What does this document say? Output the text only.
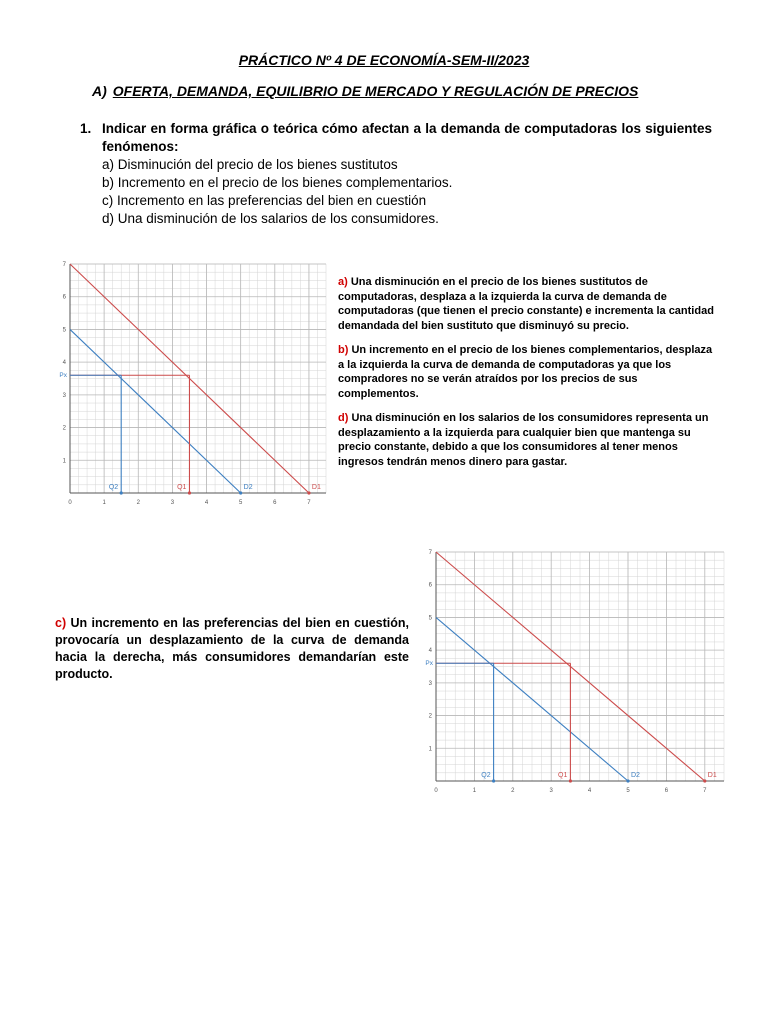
PRÁCTICO Nº 4 DE ECONOMÍA-SEM-II/2023
A) OFERTA, DEMANDA, EQUILIBRIO DE MERCADO Y REGULACIÓN DE PRECIOS
1. Indicar en forma gráfica o teórica cómo afectan a la demanda de computadoras los siguientes fenómenos:
a) Disminución del precio de los bienes sustitutos
b) Incremento en el precio de los bienes complementarios.
c) Incremento en las preferencias del bien en cuestión
d) Una disminución de los salarios de los consumidores.
0	1	2	3	4	5	6	7
1
2
3
4
5
6
7
D1
D2
Px
Q1
Q2

a) Una disminución en el precio de los bienes sustitutos de computadoras, desplaza a la izquierda la curva de demanda de computadoras (que tienen el precio constante) e incrementa la cantidad demandada del bien sustituto que disminuyó su precio.

b) Un incremento en el precio de los bienes complementarios, desplaza a la izquierda la curva de demanda de computadoras ya que los compradores no se verán atraídos por los precios de sus complementos.

d) Una disminución en los salarios de los consumidores representa un desplazamiento a la izquierda para cualquier bien que mantenga su precio constante, debido a que los consumidores al tener menos ingresos tendrán menos dinero para gastar.

c) Un incremento en las preferencias del bien en cuestión, provocaría un desplazamiento de la curva de demanda hacia la derecha, más consumidores demandarían este producto.
0	1	2	3	4	5	6	7
1
2
3
4
5
6
7
D1
D2
Px
Q1
Q2
